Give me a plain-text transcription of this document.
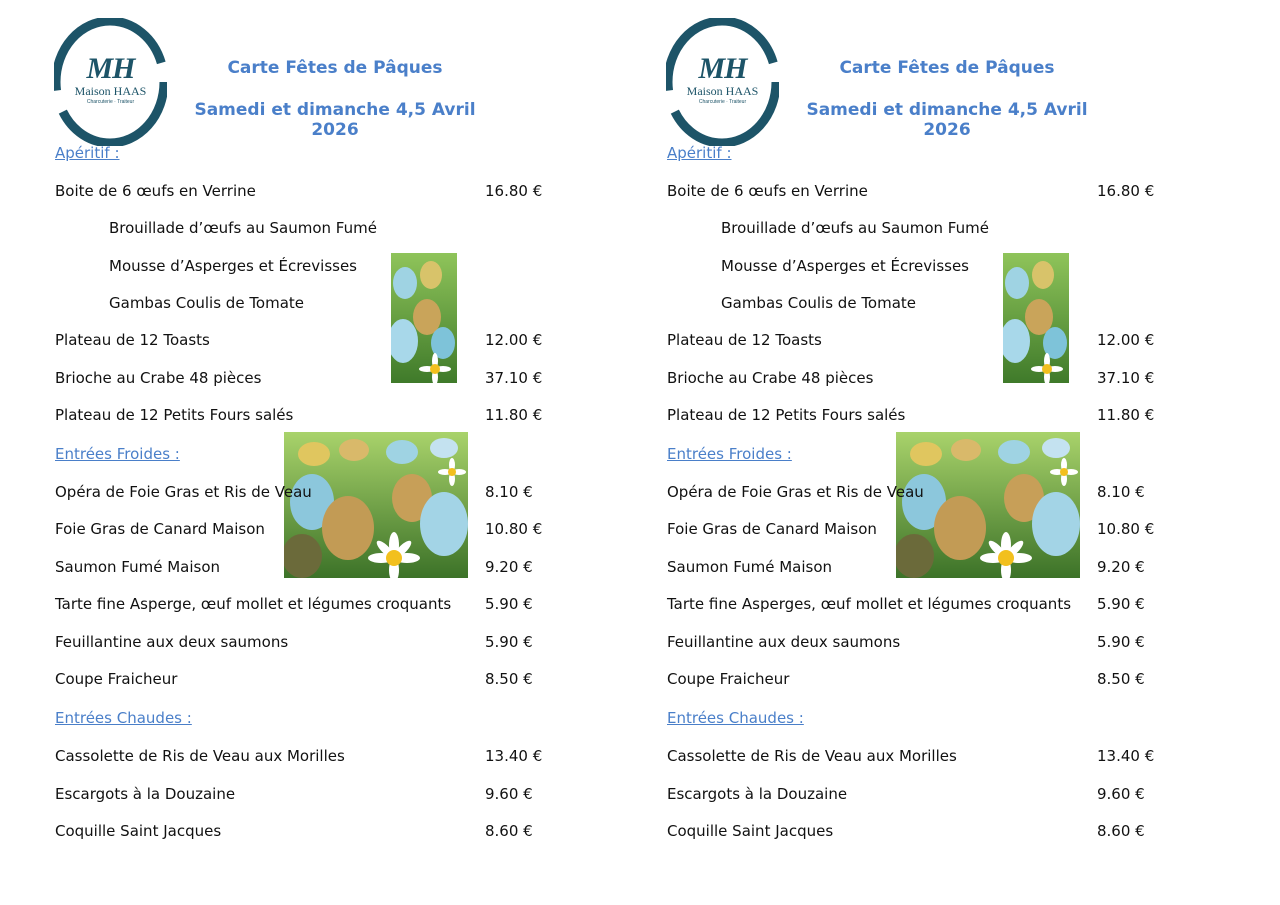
MH
Maison HAAS
Charcuterie · Traiteur
Carte Fêtes de Pâques
Samedi et dimanche 4,5 Avril 2026
Apéritif :
Boite de 6 œufs en Verrine	16.80 €
Brouillade d’œufs au Saumon Fumé
Mousse d’Asperges et Écrevisses
Gambas Coulis de Tomate
Plateau de 12 Toasts	12.00 €
Brioche au Crabe 48 pièces	37.10 €
Plateau de 12 Petits Fours salés	11.80 €
Entrées Froides :
Opéra de Foie Gras et Ris de Veau	8.10 €
Foie Gras de Canard Maison	10.80 €
Saumon Fumé Maison	9.20 €
Tarte fine Asperge, œuf mollet et légumes croquants 5.90 €
Feuillantine aux deux saumons	5.90 €
Coupe Fraicheur	8.50 €
Entrées Chaudes :
Cassolette de Ris de Veau aux Morilles	13.40 €
Escargots à la Douzaine	9.60 €
Coquille Saint Jacques	8.60 €
MH
Maison HAAS
Charcuterie · Traiteur
Carte Fêtes de Pâques
Samedi et dimanche 4,5 Avril 2026
Apéritif :
Boite de 6 œufs en Verrine	16.80 €
Brouillade d’œufs au Saumon Fumé
Mousse d’Asperges et Écrevisses
Gambas Coulis de Tomate
Plateau de 12 Toasts	12.00 €
Brioche au Crabe 48 pièces	37.10 €
Plateau de 12 Petits Fours salés	11.80 €
Entrées Froides :
Opéra de Foie Gras et Ris de Veau	8.10 €
Foie Gras de Canard Maison	10.80 €
Saumon Fumé Maison	9.20 €
Tarte fine Asperges, œuf mollet et légumes croquants 5.90 €
Feuillantine aux deux saumons	5.90 €
Coupe Fraicheur	8.50 €
Entrées Chaudes :
Cassolette de Ris de Veau aux Morilles	13.40 €
Escargots à la Douzaine	9.60 €
Coquille Saint Jacques	8.60 €
